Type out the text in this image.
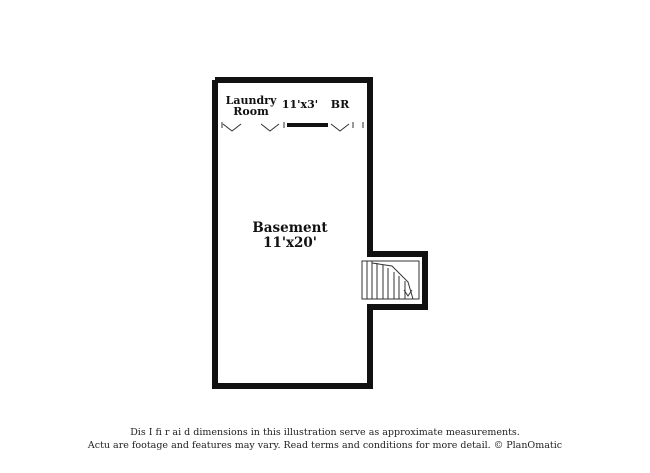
Laundry
Room
11'x3' BR
Basement
11'x20'
Dis I fi r ai d dimensions in this illustration serve as approximate measurements.
Actu are footage and features may vary. Read terms and conditions for more detail. © PlanOmatic
